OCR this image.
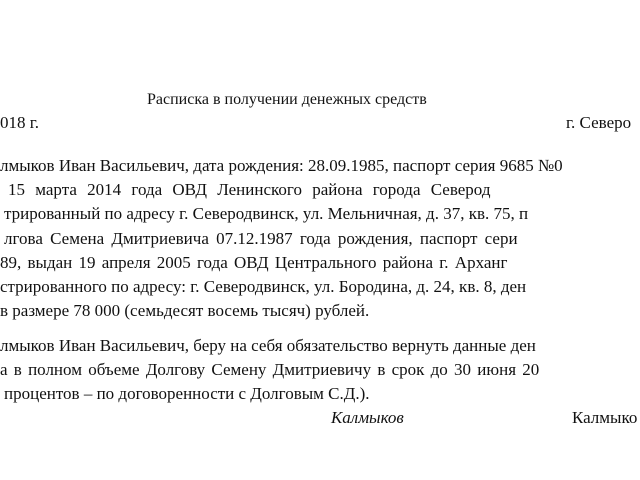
Расписка в получении денежных средств
018 г.	г. Северо
лмыков Иван Васильевич, дата рождения: 28.09.1985, паспорт серия 9685 №0
15 марта 2014 года ОВД Ленинского района города Северод
трированный по адресу г. Северодвинск, ул. Мельничная, д. 37, кв. 75, п
лгова Семена Дмитриевича 07.12.1987 года рождения, паспорт сери
89, выдан 19 апреля 2005 года ОВД Центрального района г. Арханг
стрированного по адресу: г. Северодвинск, ул. Бородина, д. 24, кв. 8, ден
в размере 78 000 (семьдесят восемь тысяч) рублей.
лмыков Иван Васильевич, беру на себя обязательство вернуть данные ден
а в полном объеме Долгову Семену Дмитриевичу в срок до 30 июня 20
процентов – по договоренности с Долговым С.Д.).
Калмыков	Калмыко
